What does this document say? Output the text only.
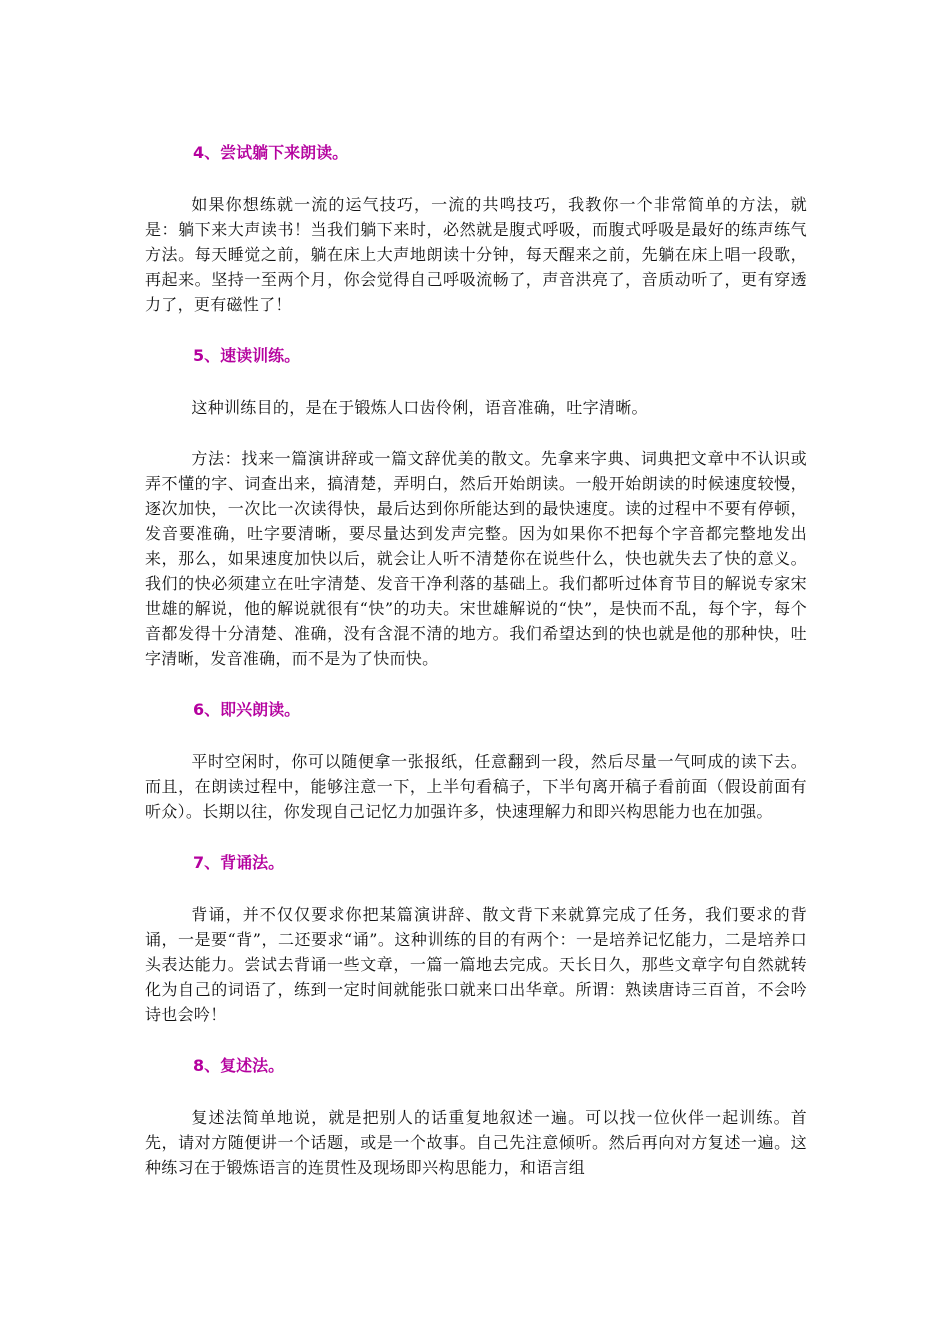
4、尝试躺下来朗读。

如果你想练就一流的运气技巧，一流的共鸣技巧，我教你一个非常简单的方法，就是：躺下来大声读书！当我们躺下来时，必然就是腹式呼吸，而腹式呼吸是最好的练声练气方法。每天睡觉之前，躺在床上大声地朗读十分钟，每天醒来之前，先躺在床上唱一段歌，再起来。坚持一至两个月，你会觉得自己呼吸流畅了，声音洪亮了，音质动听了，更有穿透力了，更有磁性了！

5、速读训练。

这种训练目的，是在于锻炼人口齿伶俐，语音准确，吐字清晰。

方法：找来一篇演讲辞或一篇文辞优美的散文。先拿来字典、词典把文章中不认识或弄不懂的字、词查出来，搞清楚，弄明白，然后开始朗读。一般开始朗读的时候速度较慢，逐次加快，一次比一次读得快，最后达到你所能达到的最快速度。读的过程中不要有停顿，发音要准确，吐字要清晰，要尽量达到发声完整。因为如果你不把每个字音都完整地发出来，那么，如果速度加快以后，就会让人听不清楚你在说些什么，快也就失去了快的意义。我们的快必须建立在吐字清楚、发音干净利落的基础上。我们都听过体育节目的解说专家宋世雄的解说，他的解说就很有“快”的功夫。宋世雄解说的“快”，是快而不乱，每个字，每个音都发得十分清楚、准确，没有含混不清的地方。我们希望达到的快也就是他的那种快，吐字清晰，发音准确，而不是为了快而快。

6、即兴朗读。

平时空闲时，你可以随便拿一张报纸，任意翻到一段，然后尽量一气呵成的读下去。而且，在朗读过程中，能够注意一下，上半句看稿子，下半句离开稿子看前面（假设前面有听众）。长期以往，你发现自己记忆力加强许多，快速理解力和即兴构思能力也在加强。

7、背诵法。

背诵，并不仅仅要求你把某篇演讲辞、散文背下来就算完成了任务，我们要求的背诵，一是要“背”，二还要求“诵”。这种训练的目的有两个：一是培养记忆能力，二是培养口头表达能力。尝试去背诵一些文章，一篇一篇地去完成。天长日久，那些文章字句自然就转化为自己的词语了，练到一定时间就能张口就来口出华章。所谓：熟读唐诗三百首，不会吟诗也会吟！

8、复述法。

复述法简单地说，就是把别人的话重复地叙述一遍。可以找一位伙伴一起训练。首先，请对方随便讲一个话题，或是一个故事。自己先注意倾听。然后再向对方复述一遍。这种练习在于锻炼语言的连贯性及现场即兴构思能力，和语言组
